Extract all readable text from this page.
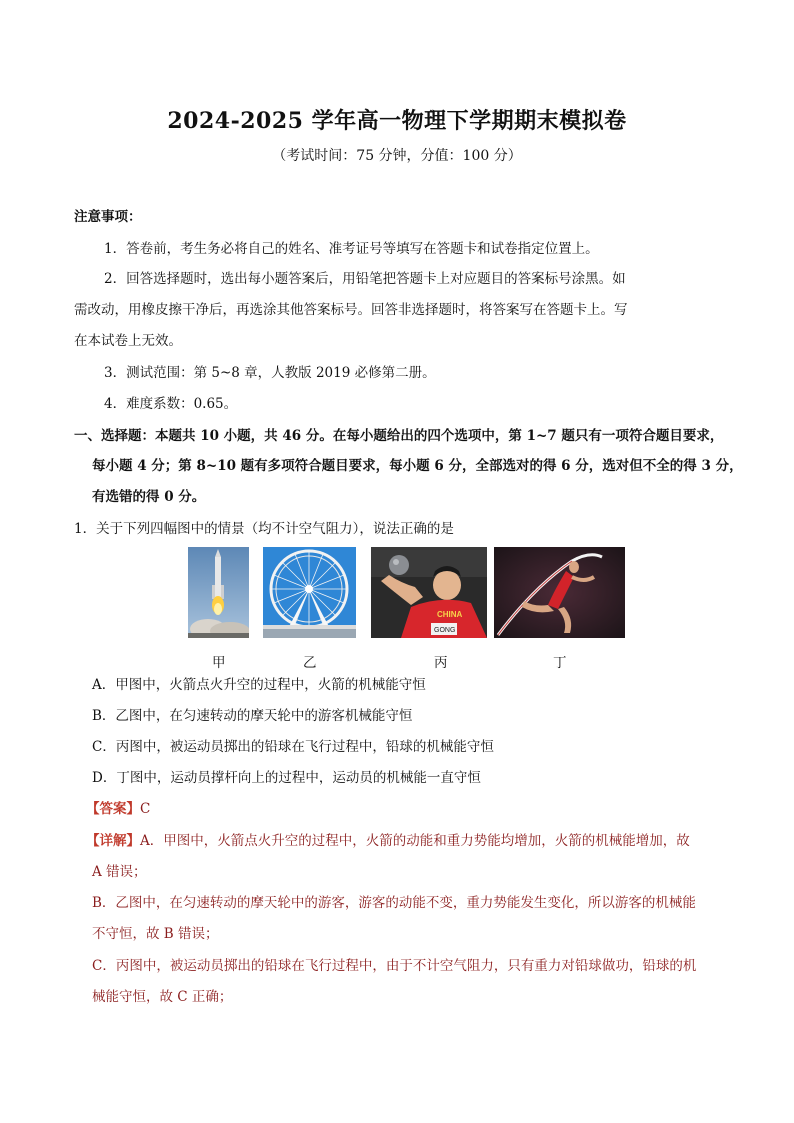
2024-2025 学年高一物理下学期期末模拟卷
（考试时间：75 分钟，分值：100 分）
注意事项：
1．答卷前，考生务必将自己的姓名、准考证号等填写在答题卡和试卷指定位置上。
2．回答选择题时，选出每小题答案后，用铅笔把答题卡上对应题目的答案标号涂黑。如
需改动，用橡皮擦干净后，再选涂其他答案标号。回答非选择题时，将答案写在答题卡上。写
在本试卷上无效。
3．测试范围：第 5~8 章，人教版 2019 必修第二册。
4．难度系数：0.65。
一、选择题：本题共 10 小题，共 46 分。在每小题给出的四个选项中，第 1~7 题只有一项符合题目要求，
每小题 4 分；第 8~10 题有多项符合题目要求，每小题 6 分，全部选对的得 6 分，选对但不全的得 3 分，
有选错的得 0 分。
1．关于下列四幅图中的情景（均不计空气阻力），说法正确的是
CHINA
GONG
甲	乙	丙	丁
A．甲图中，火箭点火升空的过程中，火箭的机械能守恒
B．乙图中，在匀速转动的摩天轮中的游客机械能守恒
C．丙图中，被运动员掷出的铅球在飞行过程中，铅球的机械能守恒
D．丁图中，运动员撑杆向上的过程中，运动员的机械能一直守恒
【答案】C
【详解】A．甲图中，火箭点火升空的过程中，火箭的动能和重力势能均增加，火箭的机械能增加，故
A 错误；
B．乙图中，在匀速转动的摩天轮中的游客，游客的动能不变，重力势能发生变化，所以游客的机械能
不守恒，故 B 错误；
C．丙图中，被运动员掷出的铅球在飞行过程中，由于不计空气阻力，只有重力对铅球做功，铅球的机
械能守恒，故 C 正确；
